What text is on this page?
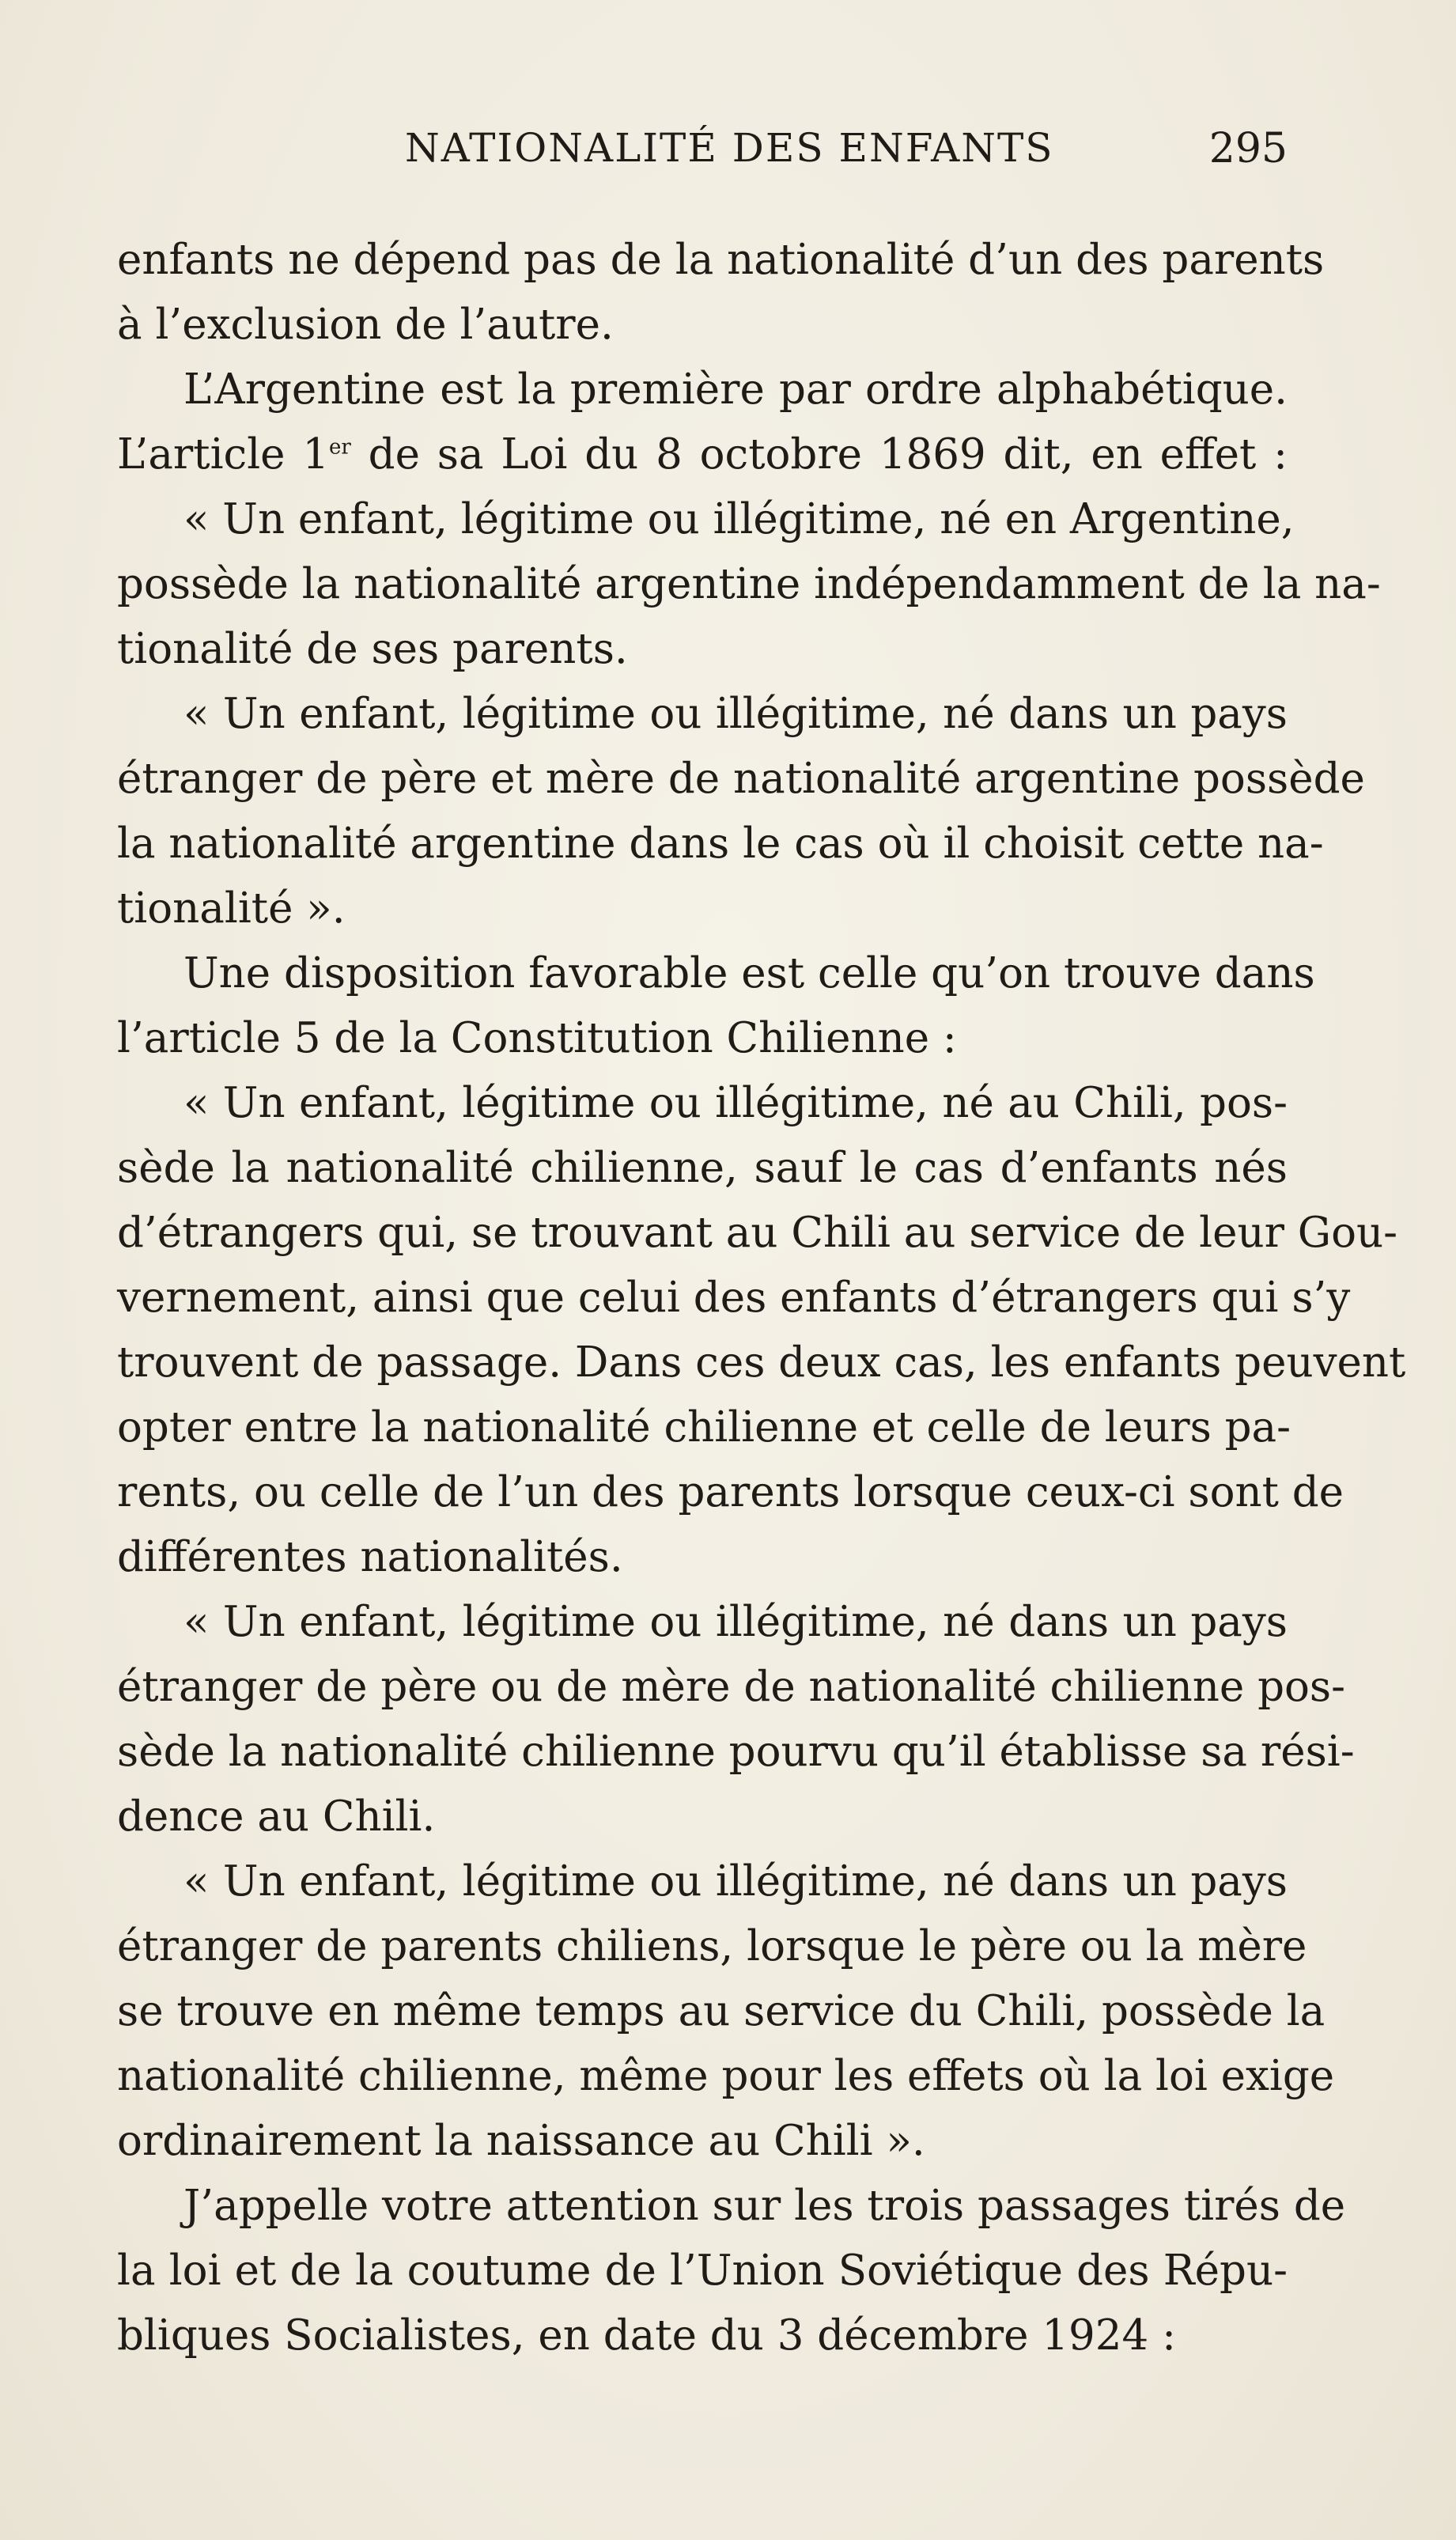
NATIONALITÉ DES ENFANTS	295
enfants ne dépend pas de la nationalité d’un des parents
à l’exclusion de l’autre.
L’Argentine est la première par ordre alphabétique.
L’article 1er de sa Loi du 8 octobre 1869 dit, en effet :
« Un enfant, légitime ou illégitime, né en Argentine,
possède la nationalité argentine indépendamment de la na-
tionalité de ses parents.
« Un enfant, légitime ou illégitime, né dans un pays
étranger de père et mère de nationalité argentine possède
la nationalité argentine dans le cas où il choisit cette na-
tionalité ».
Une disposition favorable est celle qu’on trouve dans
l’article 5 de la Constitution Chilienne :
« Un enfant, légitime ou illégitime, né au Chili, pos-
sède la nationalité chilienne, sauf le cas d’enfants nés
d’étrangers qui, se trouvant au Chili au service de leur Gou-
vernement, ainsi que celui des enfants d’étrangers qui s’y
trouvent de passage. Dans ces deux cas, les enfants peuvent
opter entre la nationalité chilienne et celle de leurs pa-
rents, ou celle de l’un des parents lorsque ceux-ci sont de
différentes nationalités.
« Un enfant, légitime ou illégitime, né dans un pays
étranger de père ou de mère de nationalité chilienne pos-
sède la nationalité chilienne pourvu qu’il établisse sa rési-
dence au Chili.
« Un enfant, légitime ou illégitime, né dans un pays
étranger de parents chiliens, lorsque le père ou la mère
se trouve en même temps au service du Chili, possède la
nationalité chilienne, même pour les effets où la loi exige
ordinairement la naissance au Chili ».
J’appelle votre attention sur les trois passages tirés de
la loi et de la coutume de l’Union Soviétique des Répu-
bliques Socialistes, en date du 3 décembre 1924 :
